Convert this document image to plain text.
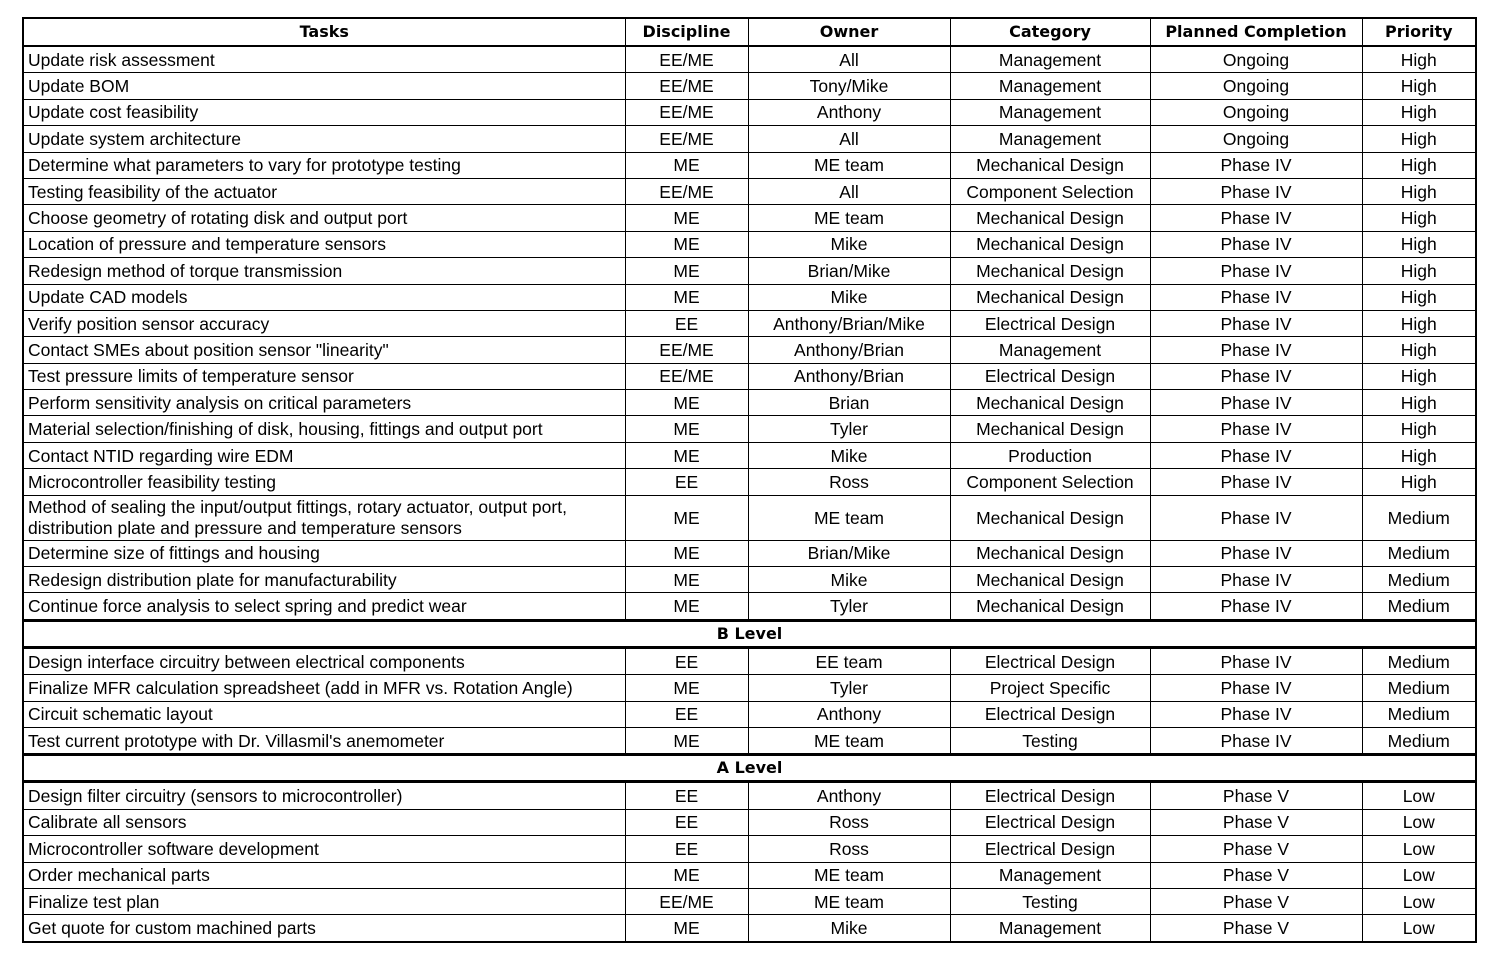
Tasks	Discipline	Owner	Category	Planned Completion	Priority
Update risk assessment	EE/ME	All	Management	Ongoing	High
Update BOM	EE/ME	Tony/Mike	Management	Ongoing	High
Update cost feasibility	EE/ME	Anthony	Management	Ongoing	High
Update system architecture	EE/ME	All	Management	Ongoing	High
Determine what parameters to vary for prototype testing	ME	ME team	Mechanical Design	Phase IV	High
Testing feasibility of the actuator	EE/ME	All	Component Selection	Phase IV	High
Choose geometry of rotating disk and output port	ME	ME team	Mechanical Design	Phase IV	High
Location of pressure and temperature sensors	ME	Mike	Mechanical Design	Phase IV	High
Redesign method of torque transmission	ME	Brian/Mike	Mechanical Design	Phase IV	High
Update CAD models	ME	Mike	Mechanical Design	Phase IV	High
Verify position sensor accuracy	EE	Anthony/Brian/Mike	Electrical Design	Phase IV	High
Contact SMEs about position sensor "linearity"	EE/ME	Anthony/Brian	Management	Phase IV	High
Test pressure limits of temperature sensor	EE/ME	Anthony/Brian	Electrical Design	Phase IV	High
Perform sensitivity analysis on critical parameters	ME	Brian	Mechanical Design	Phase IV	High
Material selection/finishing of disk, housing, fittings and output port	ME	Tyler	Mechanical Design	Phase IV	High
Contact NTID regarding wire EDM	ME	Mike	Production	Phase IV	High
Microcontroller feasibility testing	EE	Ross	Component Selection	Phase IV	High
Method of sealing the input/output fittings, rotary actuator, output port, distribution plate and pressure and temperature sensors	ME	ME team	Mechanical Design	Phase IV	Medium
Determine size of fittings and housing	ME	Brian/Mike	Mechanical Design	Phase IV	Medium
Redesign distribution plate for manufacturability	ME	Mike	Mechanical Design	Phase IV	Medium
Continue force analysis to select spring and predict wear	ME	Tyler	Mechanical Design	Phase IV	Medium
B Level					
Design interface circuitry between electrical components	EE	EE team	Electrical Design	Phase IV	Medium
Finalize MFR calculation spreadsheet (add in MFR vs. Rotation Angle)	ME	Tyler	Project Specific	Phase IV	Medium
Circuit schematic layout	EE	Anthony	Electrical Design	Phase IV	Medium
Test current prototype with Dr. Villasmil's anemometer	ME	ME team	Testing	Phase IV	Medium
A Level					
Design filter circuitry (sensors to microcontroller)	EE	Anthony	Electrical Design	Phase V	Low
Calibrate all sensors	EE	Ross	Electrical Design	Phase V	Low
Microcontroller software development	EE	Ross	Electrical Design	Phase V	Low
Order mechanical parts	ME	ME team	Management	Phase V	Low
Finalize test plan	EE/ME	ME team	Testing	Phase V	Low
Get quote for custom machined parts	ME	Mike	Management	Phase V	Low
